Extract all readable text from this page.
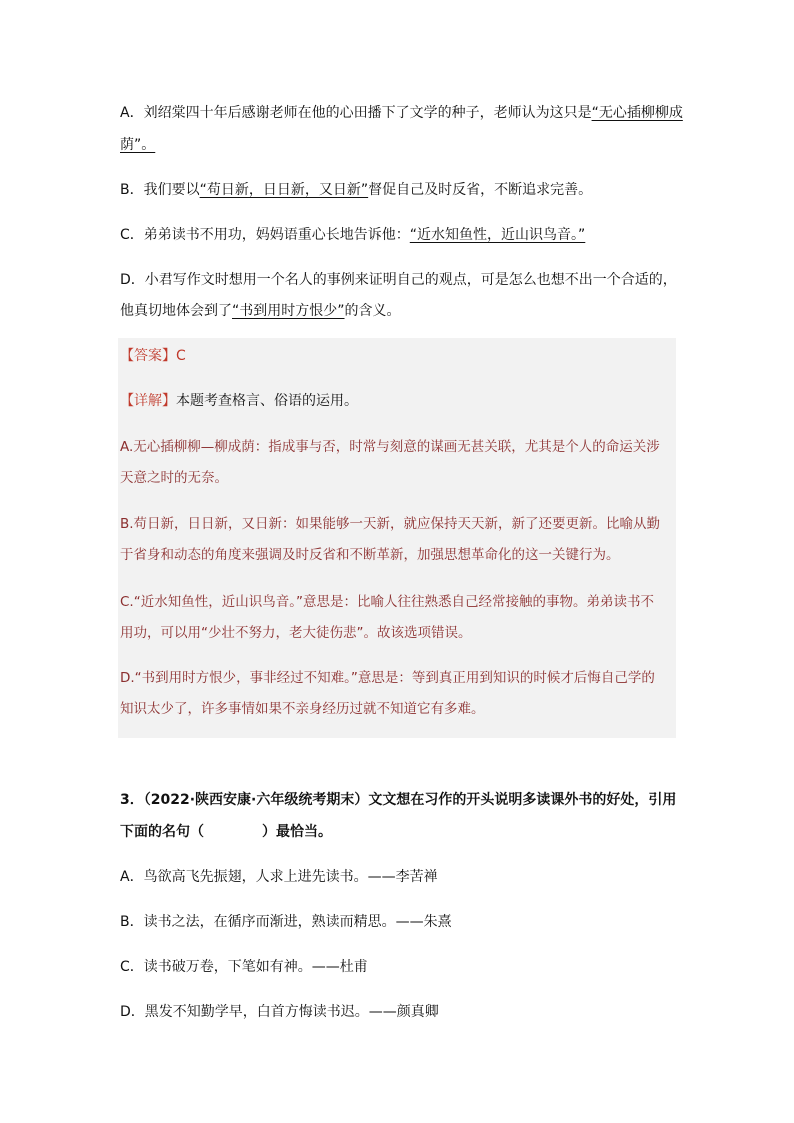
A．刘绍棠四十年后感谢老师在他的心田播下了文学的种子，老师认为这只是“无心插柳柳成

荫”。

B．我们要以“苟日新，日日新，又日新”督促自己及时反省，不断追求完善。

C．弟弟读书不用功，妈妈语重心长地告诉他：“近水知鱼性，近山识鸟音。”

D．小君写作文时想用一个名人的事例来证明自己的观点，可是怎么也想不出一个合适的，

他真切地体会到了“书到用时方恨少”的含义。

【答案】C

【详解】本题考查格言、俗语的运用。

A.无心插柳柳—柳成荫：指成事与否，时常与刻意的谋画无甚关联，尤其是个人的命运关涉

天意之时的无奈。

B.苟日新，日日新，又日新：如果能够一天新，就应保持天天新，新了还要更新。比喻从勤

于省身和动态的角度来强调及时反省和不断革新，加强思想革命化的这一关键行为。

C.“近水知鱼性，近山识鸟音。”意思是：比喻人往往熟悉自己经常接触的事物。弟弟读书不

用功，可以用“少壮不努力，老大徒伤悲”。故该选项错误。

D.“书到用时方恨少，事非经过不知难。”意思是：等到真正用到知识的时候才后悔自己学的

知识太少了，许多事情如果不亲身经历过就不知道它有多难。

3．（2022·陕西安康·六年级统考期末）文文想在习作的开头说明多读课外书的好处，引用

下面的名句（	）最恰当。

A．鸟欲高飞先振翅，人求上进先读书。——李苦禅

B．读书之法，在循序而渐进，熟读而精思。——朱熹

C．读书破万卷，下笔如有神。——杜甫

D．黑发不知勤学早，白首方悔读书迟。——颜真卿
